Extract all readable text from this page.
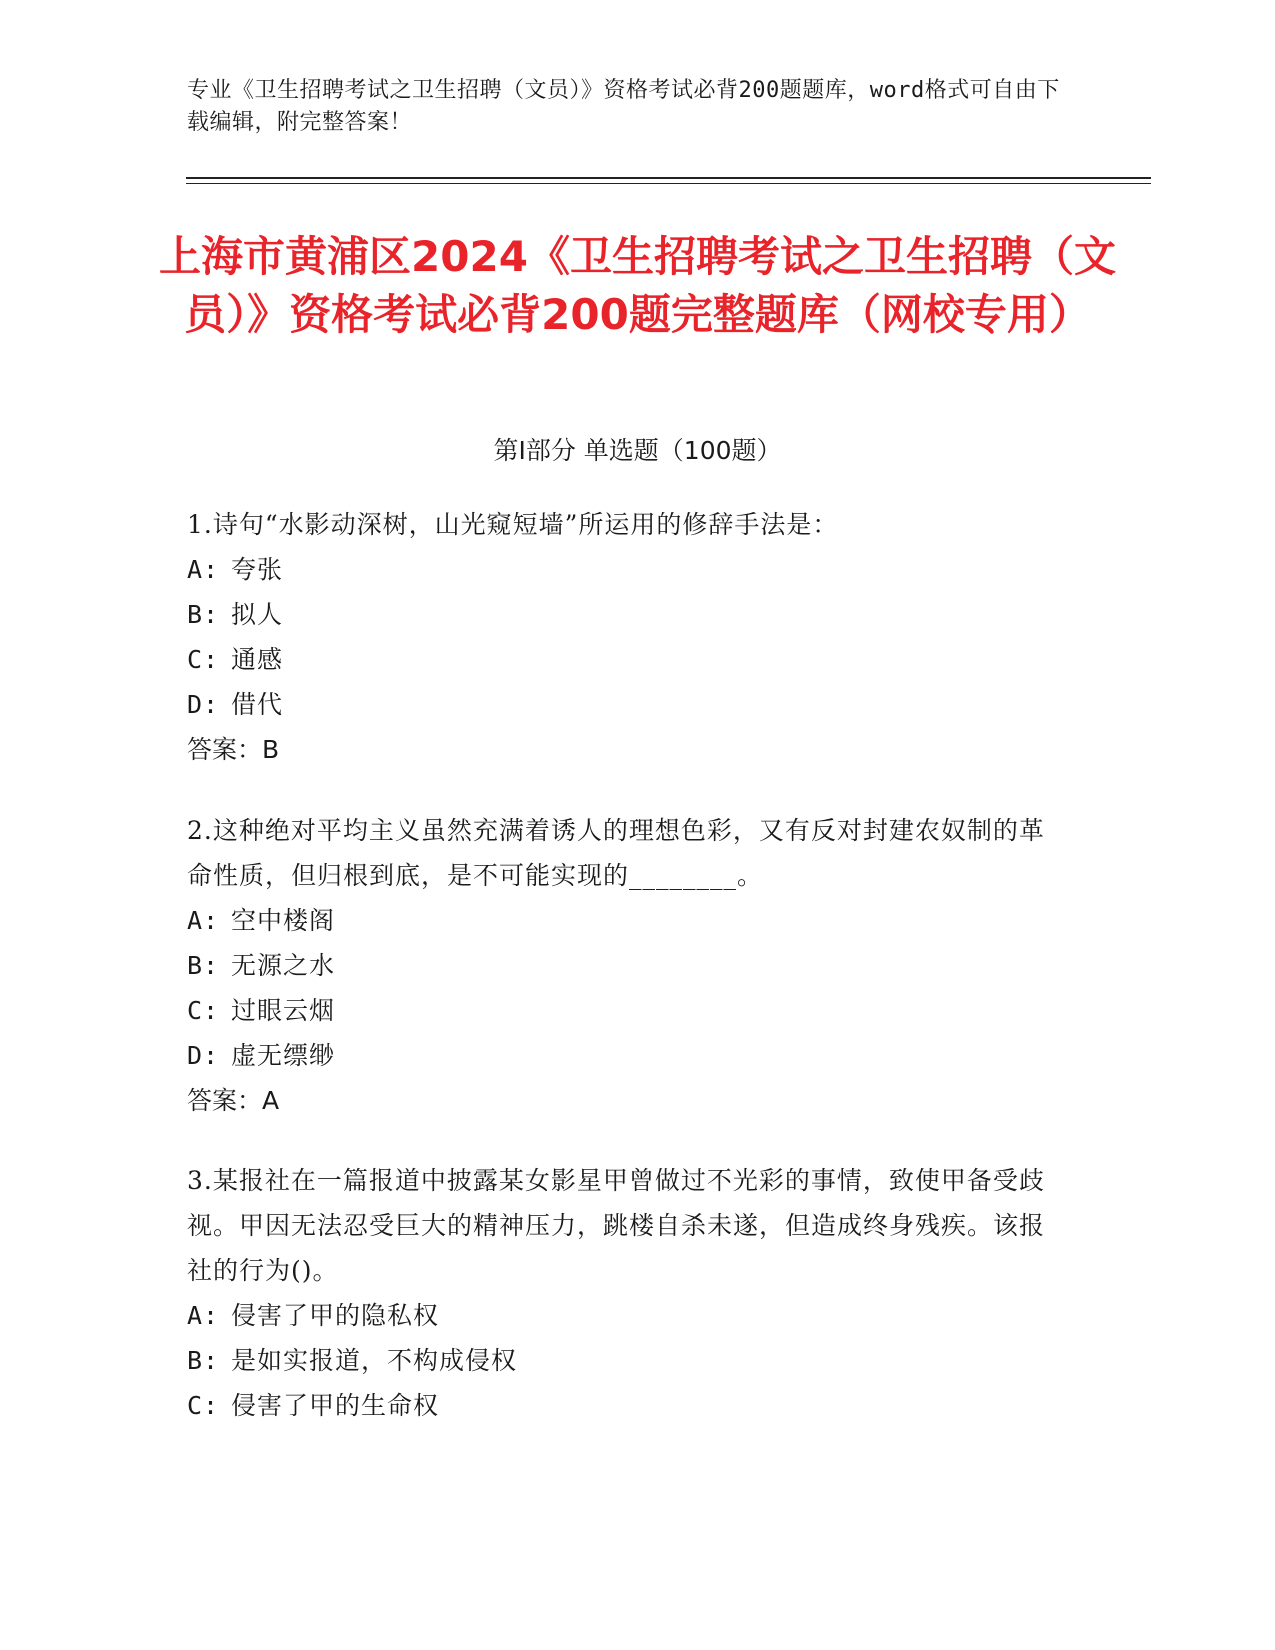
专业《卫生招聘考试之卫生招聘（文员）》资格考试必背200题题库，word格式可自由下载编辑，附完整答案！
上海市黄浦区2024《卫生招聘考试之卫生招聘（文员）》资格考试必背200题完整题库（网校专用）
第I部分 单选题（100题）
1.诗句“水影动深树，山光窥短墙”所运用的修辞手法是：
A: 夸张
B: 拟人
C: 通感
D: 借代
答案：B
2.这种绝对平均主义虽然充满着诱人的理想色彩，又有反对封建农奴制的革命性质，但归根到底，是不可能实现的________。
A: 空中楼阁
B: 无源之水
C: 过眼云烟
D: 虚无缥缈
答案：A
3.某报社在一篇报道中披露某女影星甲曾做过不光彩的事情，致使甲备受歧视。甲因无法忍受巨大的精神压力，跳楼自杀未遂，但造成终身残疾。该报社的行为()。
A: 侵害了甲的隐私权
B: 是如实报道，不构成侵权
C: 侵害了甲的生命权
